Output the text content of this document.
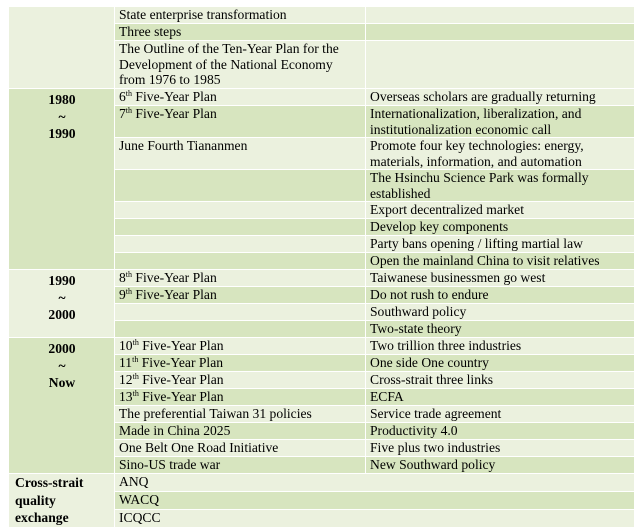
	State enterprise transformation	
	Three steps	
	The Outline of the Ten-Year Plan for the Development of the National Economy from 1976 to 1985	

1980
~
1990	6th Five-Year Plan	Overseas scholars are gradually returning
	7th Five-Year Plan	Internationalization, liberalization, and institutionalization economic call
	June Fourth Tiananmen	Promote four key technologies: energy, materials, information, and automation
		The Hsinchu Science Park was formally established
		Export decentralized market
		Develop key components
		Party bans opening / lifting martial law
		Open the mainland China to visit relatives

1990
~
2000	8th Five-Year Plan	Taiwanese businessmen go west
	9th Five-Year Plan	Do not rush to endure
		Southward policy
		Two-state theory

2000
~
Now	10th Five-Year Plan	Two trillion three industries
	11th Five-Year Plan	One side One country
	12th Five-Year Plan	Cross-strait three links
	13th Five-Year Plan	ECFA
	The preferential Taiwan 31 policies	Service trade agreement
	Made in China 2025	Productivity 4.0
	One Belt One Road Initiative	Five plus two industries
	Sino-US trade war	New Southward policy

Cross-strait
quality
exchange	ANQ	
	WACQ	
	ICQCC	
